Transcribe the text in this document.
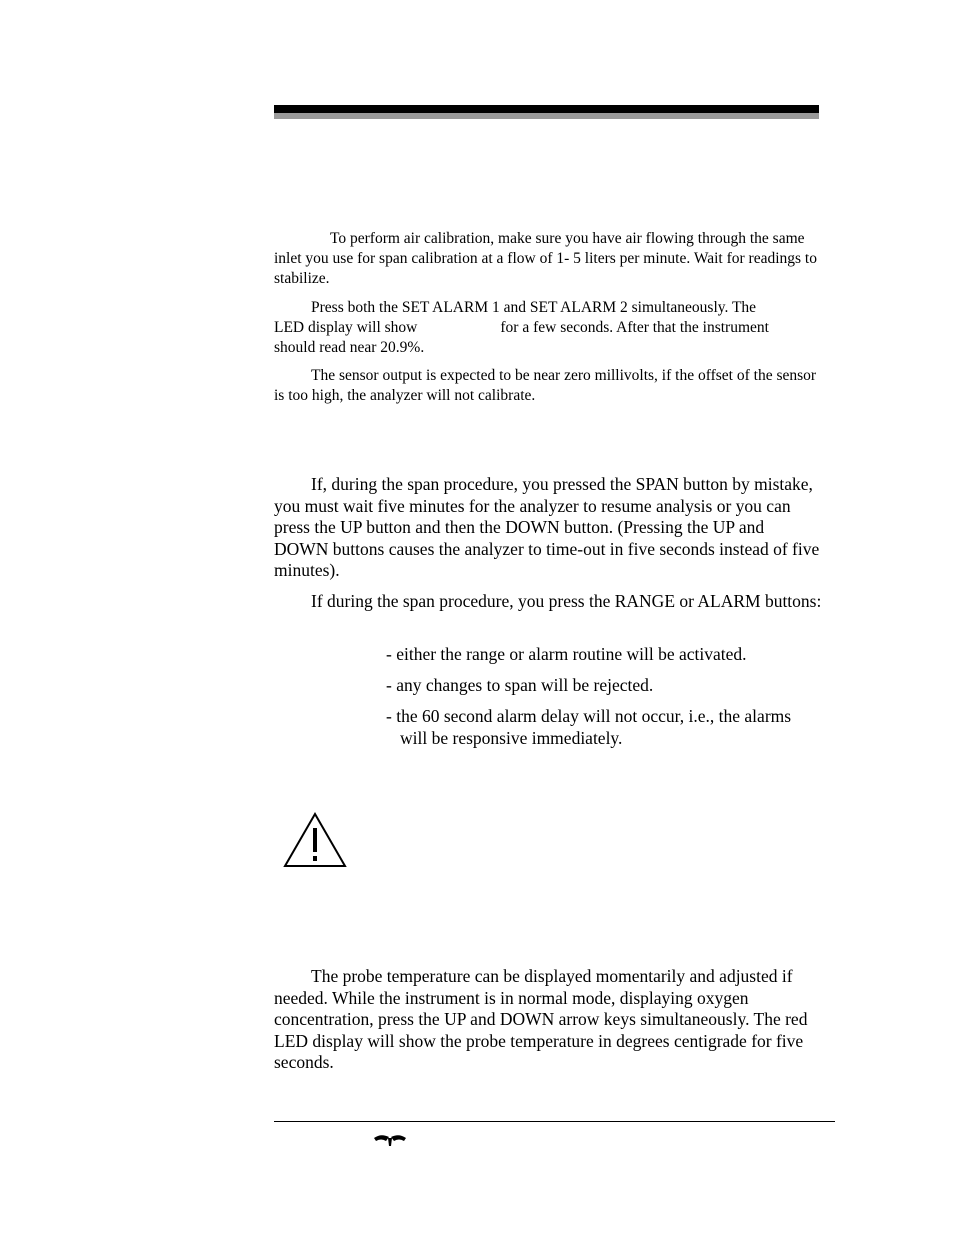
To perform air calibration, make sure you have air flowing through the same inlet you use for span calibration at a flow of 1- 5 liters per minute. Wait for readings to stabilize.

Press both the SET ALARM 1 and SET ALARM 2 simultaneously. The
LED display will show	for a few seconds. After that the instrument
should read near 20.9%.

The sensor output is expected to be near zero millivolts, if the offset of the sensor is too high, the analyzer will not calibrate.

If, during the span procedure, you pressed the SPAN button by mistake, you must wait five minutes for the analyzer to resume analysis or you can press the UP button and then the DOWN button. (Pressing the UP and DOWN buttons causes the analyzer to time-out in five seconds instead of five minutes).

If during the span procedure, you press the RANGE or ALARM buttons:

- either the range or alarm routine will be activated.
- any changes to span will be rejected.
- the 60 second alarm delay will not occur, i.e., the alarms
will be responsive immediately.

The probe temperature can be displayed momentarily and adjusted if needed. While the instrument is in normal mode, displaying oxygen concentration, press the UP and DOWN arrow keys simultaneously. The red LED display will show the probe temperature in degrees centigrade for five seconds.
